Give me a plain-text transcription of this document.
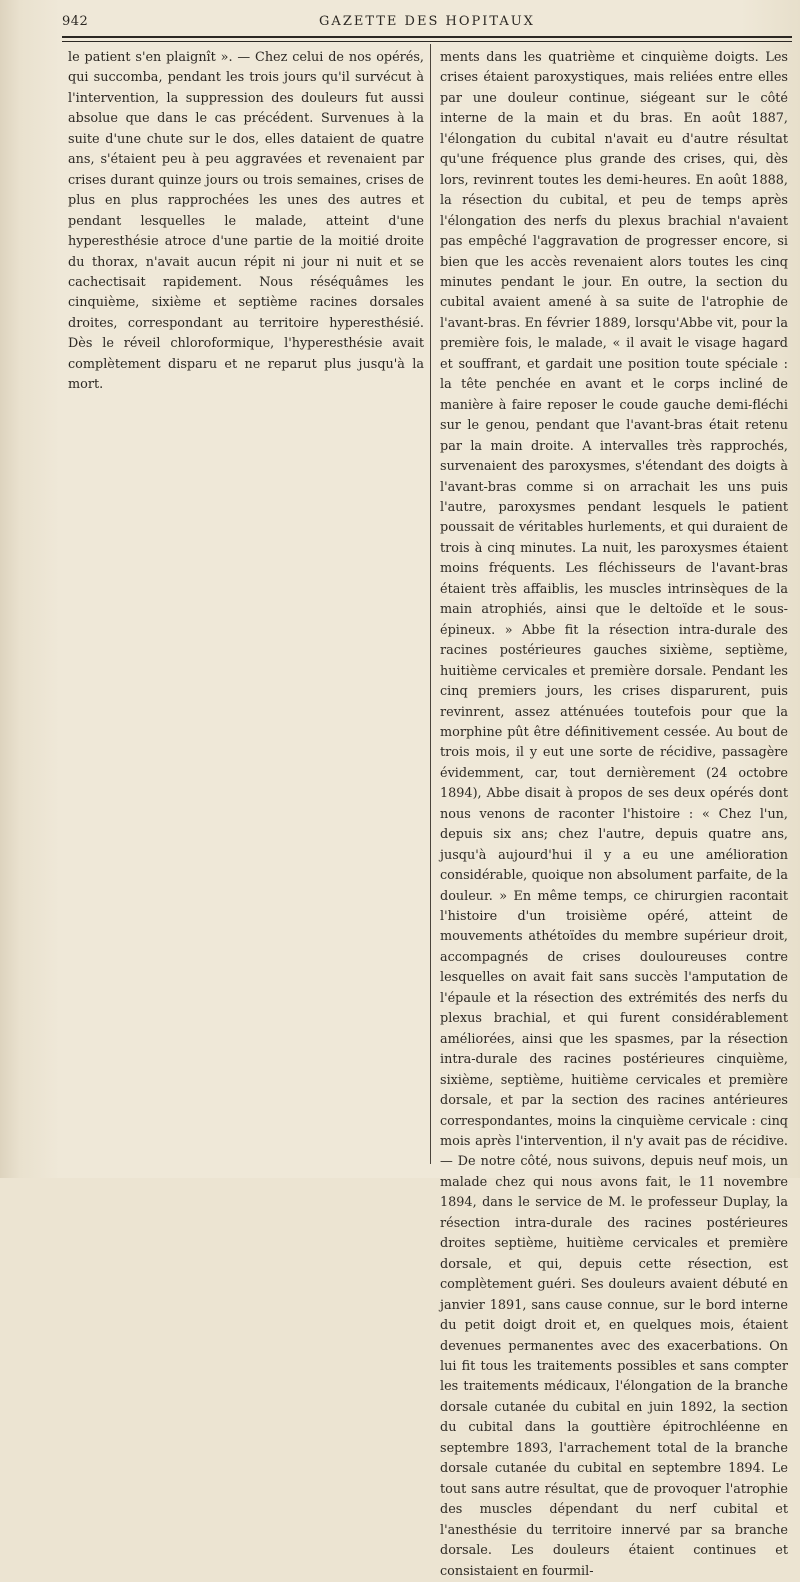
942	GAZETTE DES HOPITAUX

le patient s'en plaignît ». — Chez celui de nos opérés, qui succomba, pendant les trois jours qu'il survécut à l'intervention, la suppression des douleurs fut aussi absolue que dans le cas précédent. Survenues à la suite d'une chute sur le dos, elles dataient de quatre ans, s'étaient peu à peu aggravées et revenaient par crises durant quinze jours ou trois semaines, crises de plus en plus rapprochées les unes des autres et pendant lesquelles le malade, atteint d'une hyperesthésie atroce d'une partie de la moitié droite du thorax, n'avait aucun répit ni jour ni nuit et se cachectisait rapidement. Nous réséquâmes les cinquième, sixième et septième racines dorsales droites, correspondant au territoire hyperesthésié. Dès le réveil chloroformique, l'hyperesthésie avait complètement disparu et ne reparut plus jusqu'à la mort.

ments dans les quatrième et cinquième doigts. Les crises étaient paroxystiques, mais reliées entre elles par une douleur continue, siégeant sur le côté interne de la main et du bras. En août 1887, l'élongation du cubital n'avait eu d'autre résultat qu'une fréquence plus grande des crises, qui, dès lors, revinrent toutes les demi-heures. En août 1888, la résection du cubital, et peu de temps après l'élongation des nerfs du plexus brachial n'avaient pas empêché l'aggravation de progresser encore, si bien que les accès revenaient alors toutes les cinq minutes pendant le jour. En outre, la section du cubital avaient amené à sa suite de l'atrophie de l'avant-bras. En février 1889, lorsqu'Abbe vit, pour la première fois, le malade, « il avait le visage hagard et souffrant, et gardait une position toute spéciale : la tête penchée en avant et le corps incliné de manière à faire reposer le coude gauche demi-fléchi sur le genou, pendant que l'avant-bras était retenu par la main droite. A intervalles très rapprochés, survenaient des paroxysmes, s'étendant des doigts à l'avant-bras comme si on arrachait les uns puis l'autre, paroxysmes pendant lesquels le patient poussait de véritables hurlements, et qui duraient de trois à cinq minutes. La nuit, les paroxysmes étaient moins fréquents. Les fléchisseurs de l'avant-bras étaient très affaiblis, les muscles intrinsèques de la main atrophiés, ainsi que le deltoïde et le sous-épineux. » Abbe fit la résection intra-durale des racines postérieures gauches sixième, septième, huitième cervicales et première dorsale. Pendant les cinq premiers jours, les crises disparurent, puis revinrent, assez atténuées toutefois pour que la morphine pût être définitivement cessée. Au bout de trois mois, il y eut une sorte de récidive, passagère évidemment, car, tout dernièrement (24 octobre 1894), Abbe disait à propos de ses deux opérés dont nous venons de raconter l'histoire : « Chez l'un, depuis six ans; chez l'autre, depuis quatre ans, jusqu'à aujourd'hui il y a eu une amélioration considérable, quoique non absolument parfaite, de la douleur. » En même temps, ce chirurgien racontait l'histoire d'un troisième opéré, atteint de mouvements athétoïdes du membre supérieur droit, accompagnés de crises douloureuses contre lesquelles on avait fait sans succès l'amputation de l'épaule et la résection des extrémités des nerfs du plexus brachial, et qui furent considérablement améliorées, ainsi que les spasmes, par la résection intra-durale des racines postérieures cinquième, sixième, septième, huitième cervicales et première dorsale, et par la section des racines antérieures correspondantes, moins la cinquième cervicale : cinq mois après l'intervention, il n'y avait pas de récidive. — De notre côté, nous suivons, depuis neuf mois, un malade chez qui nous avons fait, le 11 novembre 1894, dans le service de M. le professeur Duplay, la résection intra-durale des racines postérieures droites septième, huitième cervicales et première dorsale, et qui, depuis cette résection, est complètement guéri. Ses douleurs avaient débuté en janvier 1891, sans cause connue, sur le bord interne du petit doigt droit et, en quelques mois, étaient devenues permanentes avec des exacerbations. On lui fit tous les traitements possibles et sans compter les traitements médicaux, l'élongation de la branche dorsale cutanée du cubital en juin 1892, la section du cubital dans la gouttière épitrochléenne en septembre 1893, l'arrachement total de la branche dorsale cutanée du cubital en septembre 1894. Le tout sans autre résultat, que de provoquer l'atrophie des muscles dépendant du nerf cubital et l'anesthésie du territoire innervé par sa branche dorsale. Les douleurs étaient continues et consistaient en fourmil-
